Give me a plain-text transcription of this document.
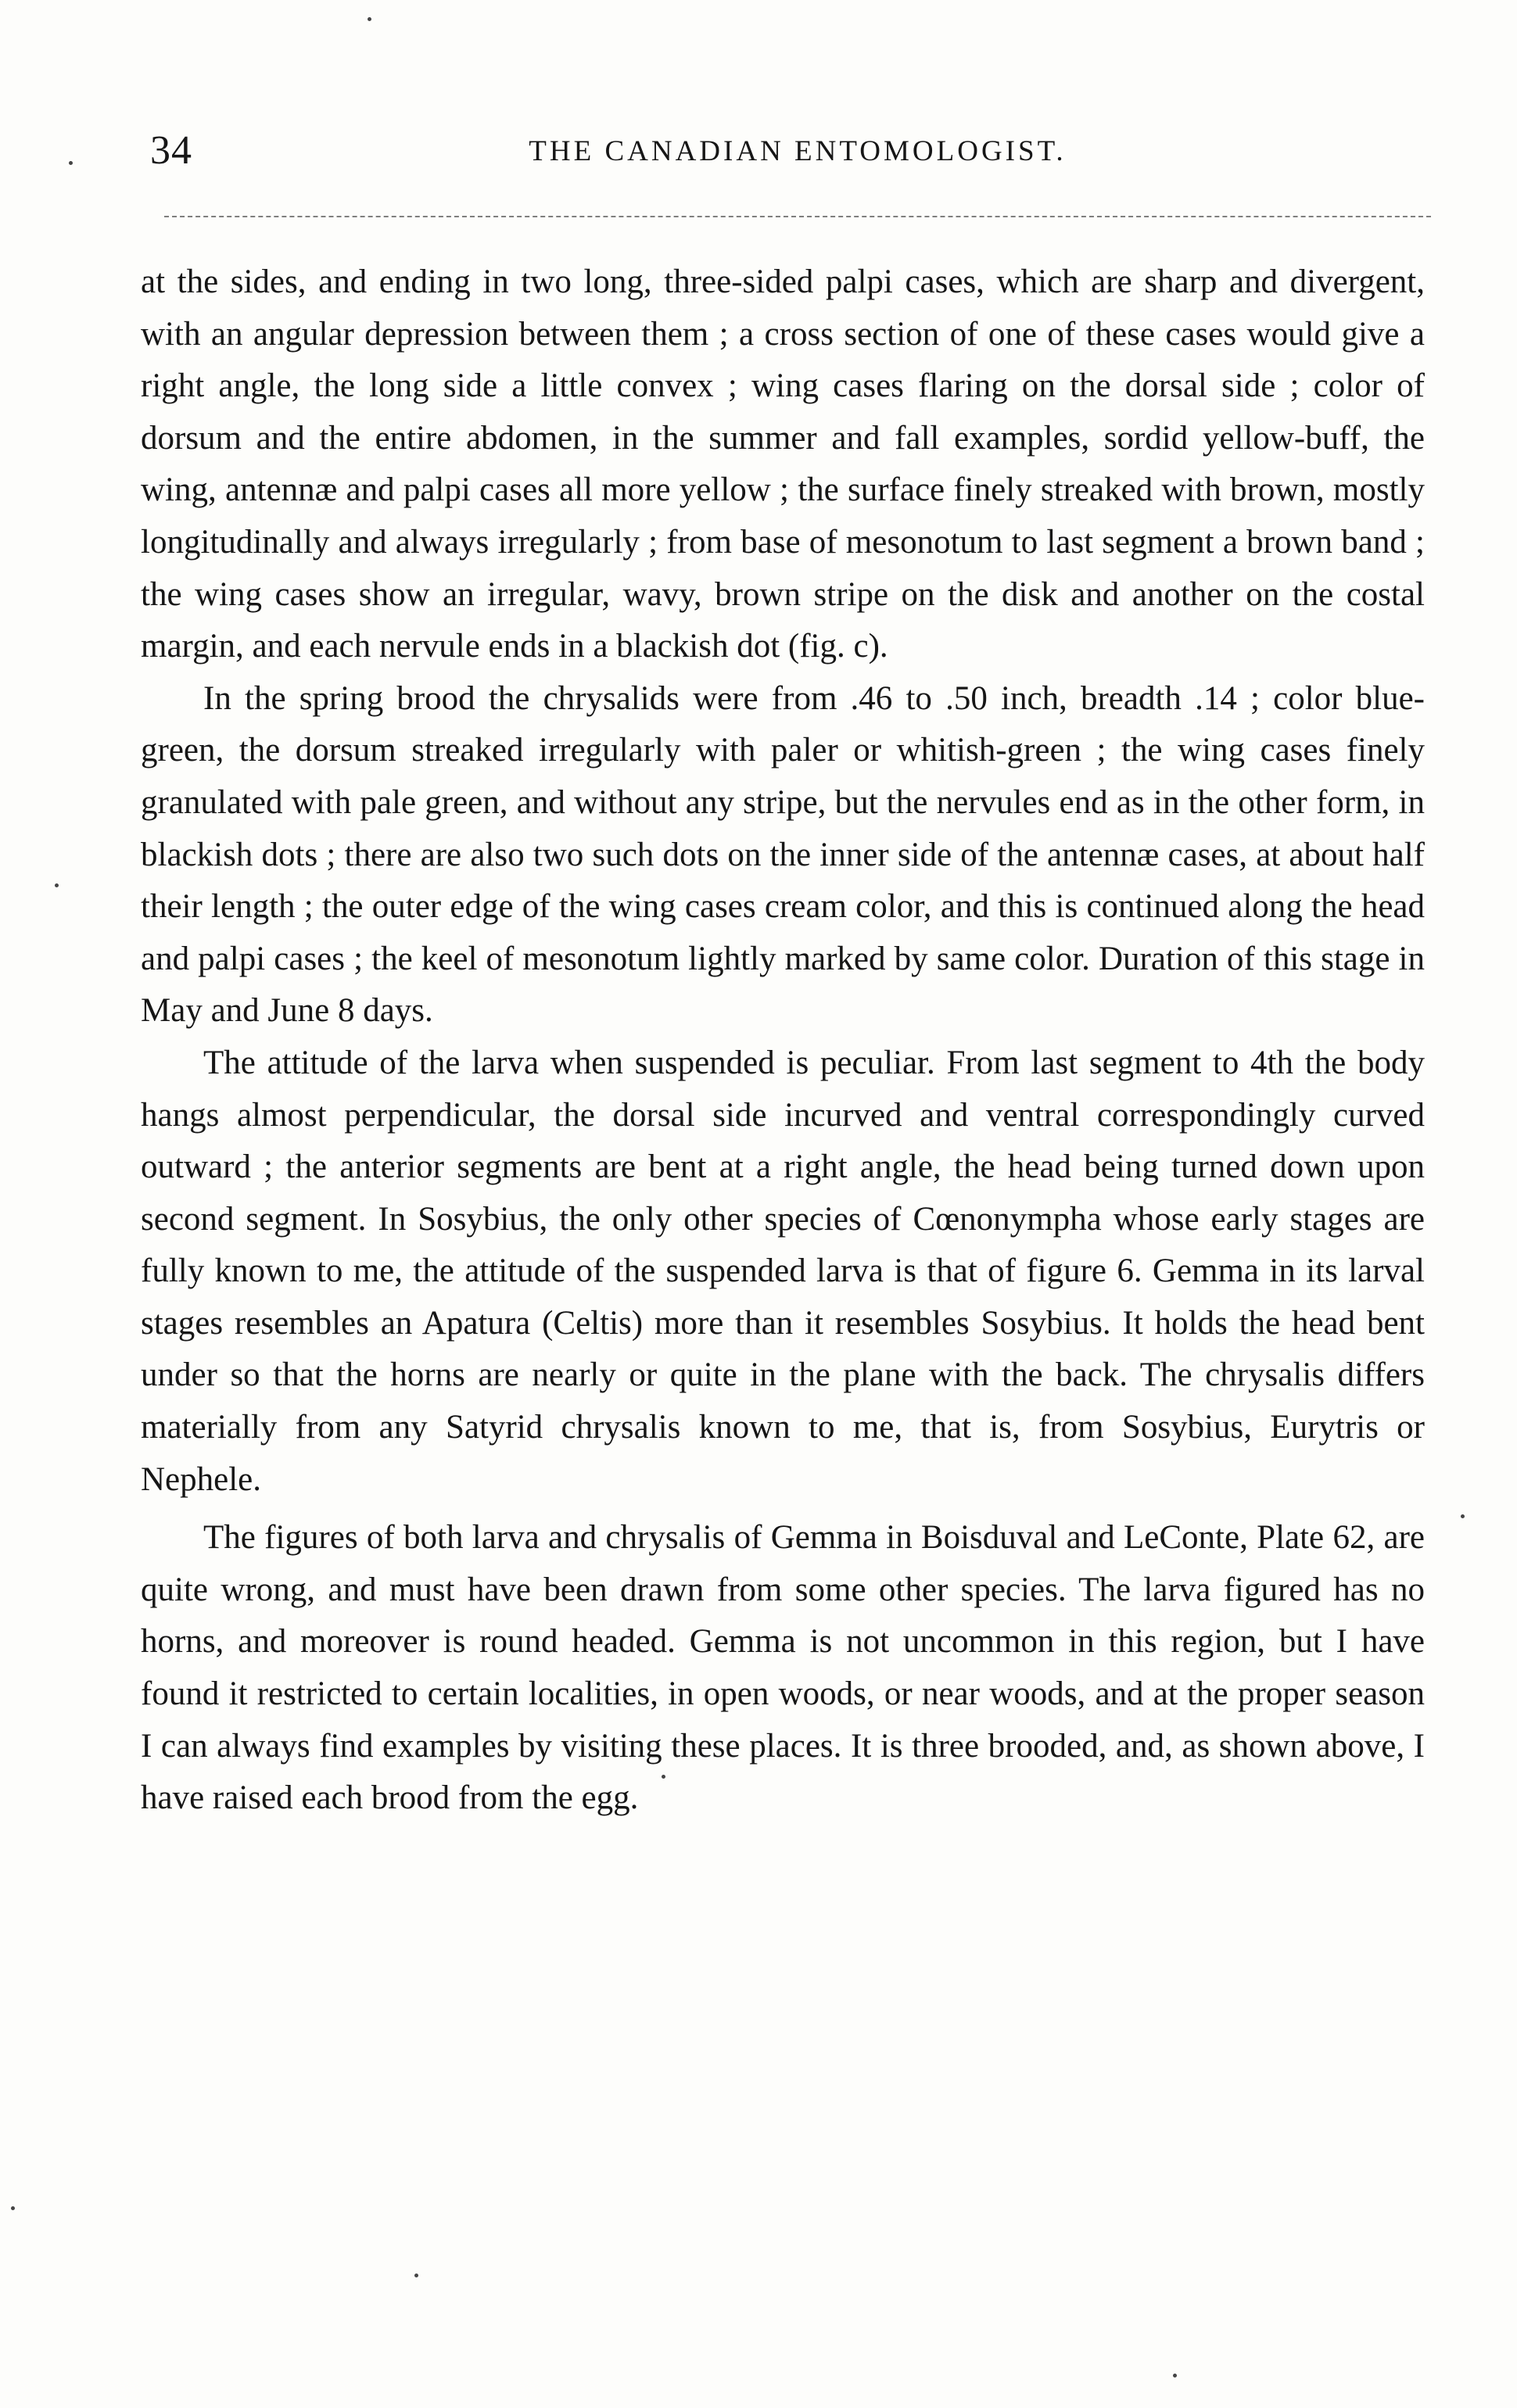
34	THE CANADIAN ENTOMOLOGIST.

at the sides, and ending in two long, three-sided palpi cases, which are sharp and divergent, with an angular depression between them ; a cross section of one of these cases would give a right angle, the long side a little convex ; wing cases flaring on the dorsal side ; color of dorsum and the entire abdomen, in the summer and fall examples, sordid yellow-buff, the wing, antennæ and palpi cases all more yellow ; the surface finely streaked with brown, mostly longitudinally and always irregularly ; from base of mesonotum to last segment a brown band ; the wing cases show an irregular, wavy, brown stripe on the disk and another on the costal margin, and each nervule ends in a blackish dot (fig. c).

In the spring brood the chrysalids were from .46 to .50 inch, breadth .14 ; color blue-green, the dorsum streaked irregularly with paler or whitish-green ; the wing cases finely granulated with pale green, and without any stripe, but the nervules end as in the other form, in blackish dots ; there are also two such dots on the inner side of the antennæ cases, at about half their length ; the outer edge of the wing cases cream color, and this is continued along the head and palpi cases ; the keel of mesonotum lightly marked by same color. Duration of this stage in May and June 8 days.

The attitude of the larva when suspended is peculiar. From last segment to 4th the body hangs almost perpendicular, the dorsal side incurved and ventral correspondingly curved outward ; the anterior segments are bent at a right angle, the head being turned down upon second segment. In Sosybius, the only other species of Cœnonympha whose early stages are fully known to me, the attitude of the suspended larva is that of figure 6. Gemma in its larval stages resembles an Apatura (Celtis) more than it resembles Sosybius. It holds the head bent under so that the horns are nearly or quite in the plane with the back. The chrysalis differs materially from any Satyrid chrysalis known to me, that is, from Sosybius, Eurytris or Nephele.

The figures of both larva and chrysalis of Gemma in Boisduval and LeConte, Plate 62, are quite wrong, and must have been drawn from some other species. The larva figured has no horns, and moreover is round headed. Gemma is not uncommon in this region, but I have found it restricted to certain localities, in open woods, or near woods, and at the proper season I can always find examples by visiting these places. It is three brooded, and, as shown above, I have raised each brood from the egg.
